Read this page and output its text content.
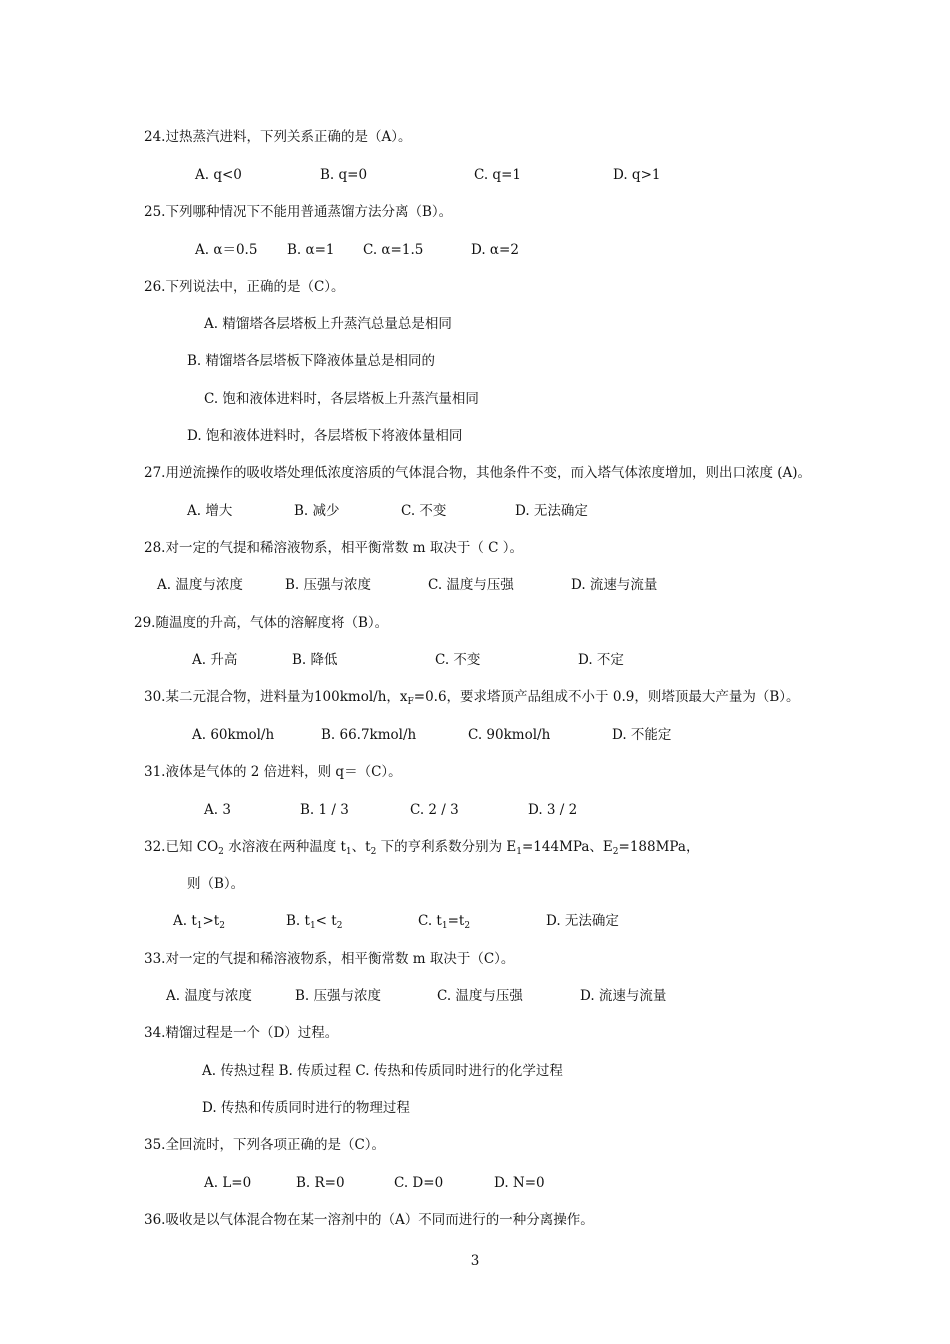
24.过热蒸汽进料，下列关系正确的是（A）。
A. q<0	B. q=0	C. q=1	D. q>1
25.下列哪种情况下不能用普通蒸馏方法分离（B）。
A. α＝0.5 B. α=1 C. α=1.5	D. α=2
26.下列说法中，正确的是（C）。
A. 精馏塔各层塔板上升蒸汽总量总是相同
B. 精馏塔各层塔板下降液体量总是相同的
C. 饱和液体进料时，各层塔板上升蒸汽量相同
D. 饱和液体进料时，各层塔板下将液体量相同
27.用逆流操作的吸收塔处理低浓度溶质的气体混合物，其他条件不变，而入塔气体浓度增加，则出口浓度 (A)。
A. 增大	B. 减少	C. 不变	D. 无法确定
28.对一定的气提和稀溶液物系，相平衡常数 m 取决于（ C ）。
A. 温度与浓度	B. 压强与浓度	C. 温度与压强	D. 流速与流量
29.随温度的升高，气体的溶解度将（B）。
A. 升高	B. 降低	C. 不变	D. 不定
30.某二元混合物，进料量为100kmol/h，$x_F=0.6$，要求塔顶产品组成不小于 0.9，则塔顶最大产量为（B）。
A. 60kmol/h	B. 66.7kmol/h	C. 90kmol/h	D. 不能定
31.液体是气体的 2 倍进料，则 q＝（C）。
A. 3	B. 1 / 3	C. 2 / 3	D. 3 / 2
32.已知 $CO_2$ 水溶液在两种温度 $t_1$、$t_2$ 下的亨利系数分别为 $E_1=144MPa$、$E_2=188MPa$，
则（B）。
A. $t_1>t_2$	B. $t_1< t_2$	C. $t_1=t_2$	D. 无法确定
33.对一定的气提和稀溶液物系，相平衡常数 m 取决于（C）。
A. 温度与浓度	B. 压强与浓度	C. 温度与压强	D. 流速与流量
34.精馏过程是一个（D）过程。
A. 传热过程 B. 传质过程 C. 传热和传质同时进行的化学过程
D. 传热和传质同时进行的物理过程
35.全回流时，下列各项正确的是（C）。
A. L=0	B. R=0	C. D=0	D. N=0
36.吸收是以气体混合物在某一溶剂中的（A）不同而进行的一种分离操作。
3
